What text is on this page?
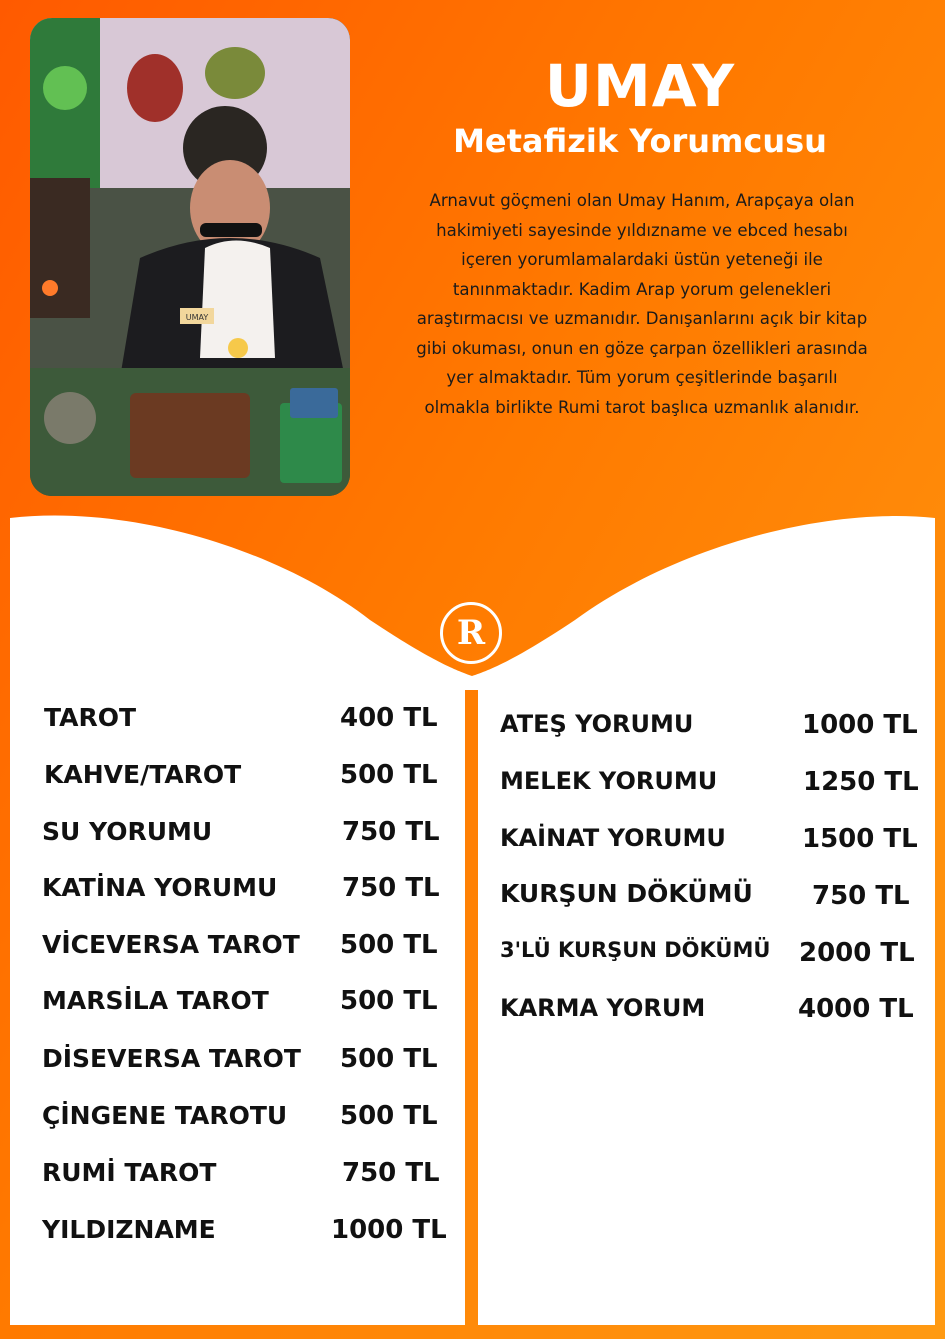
UMAY
UMAY
Metafizik Yorumcusu
Arnavut göçmeni olan Umay Hanım, Arapçaya olan
hakimiyeti sayesinde yıldızname ve ebced hesabı
içeren yorumlamalardaki üstün yeteneği ile
tanınmaktadır. Kadim Arap yorum gelenekleri
araştırmacısı ve uzmanıdır. Danışanlarını açık bir kitap
gibi okuması, onun en göze çarpan özellikleri arasında
yer almaktadır. Tüm yorum çeşitlerinde başarılı
olmakla birlikte Rumi tarot başlıca uzmanlık alanıdır.
R
TAROT	400 TL
KAHVE/TAROT	500 TL
SU YORUMU	750 TL
KATİNA YORUMU 750 TL
VİCEVERSA TAROT 500 TL
MARSİLA TAROT	500 TL
DİSEVERSA TAROT 500 TL
ÇİNGENE TAROTU 500 TL
RUMİ TAROT	750 TL
YILDIZNAME	1000 TL
ATEŞ YORUMU	1000 TL
MELEK YORUMU	1250 TL
KAİNAT YORUMU	1500 TL
KURŞUN DÖKÜMÜ 750 TL
3'LÜ KURŞUN DÖKÜMÜ 2000 TL
KARMA YORUM	4000 TL
